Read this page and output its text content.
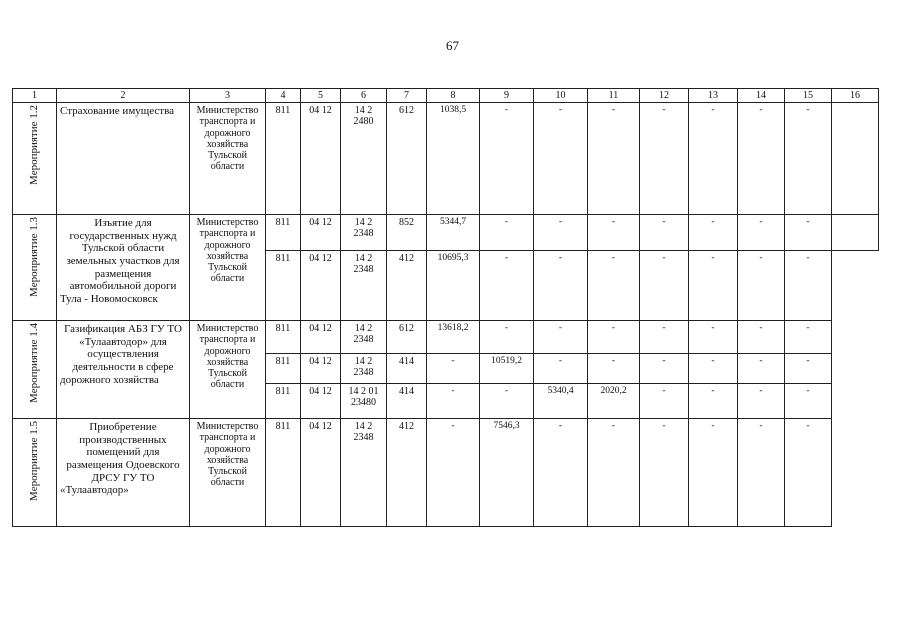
67
1	2	3	4	5	6	7	8	9	10	11	12	13	14	15	16

Мероприятие 1.2	Страхование имущества	Министерство транспорта и дорожного хозяйства Тульской области	811	04 12	14 2 2480	612	1038,5	-	-	-	-	-	-	-	

Мероприятие 1.3	Изъятие для государственных нужд Тульской области земельных участков для размещения автомобильной дороги Тула - Новомосковск	Министерство транспорта и дорожного хозяйства Тульской области	811	04 12	14 2 2348	852	5344,7	-	-	-	-	-	-	-	
			811	04 12	14 2 2348	412	10695,3	-	-	-	-	-	-	-	

Мероприятие 1.4	Газификация АБЗ ГУ ТО «Тулаавтодор» для осуществления деятельности в сфере дорожного хозяйства	Министерство транспорта и дорожного хозяйства Тульской области	811	04 12	14 2 2348	612	13618,2	-	-	-	-	-	-	-	
			811	04 12	14 2 2348	414	-	10519,2	-	-	-	-	-	-	
			811	04 12	14 2 01 23480	414	-	-	5340,4	2020,2	-	-	-	-	

Мероприятие 1.5	Приобретение производственных помещений для размещения Одоевского ДРСУ ГУ ТО «Тулаавтодор»	Министерство транспорта и дорожного хозяйства Тульской области	811	04 12	14 2 2348	412	-	7546,3	-	-	-	-	-	-	
